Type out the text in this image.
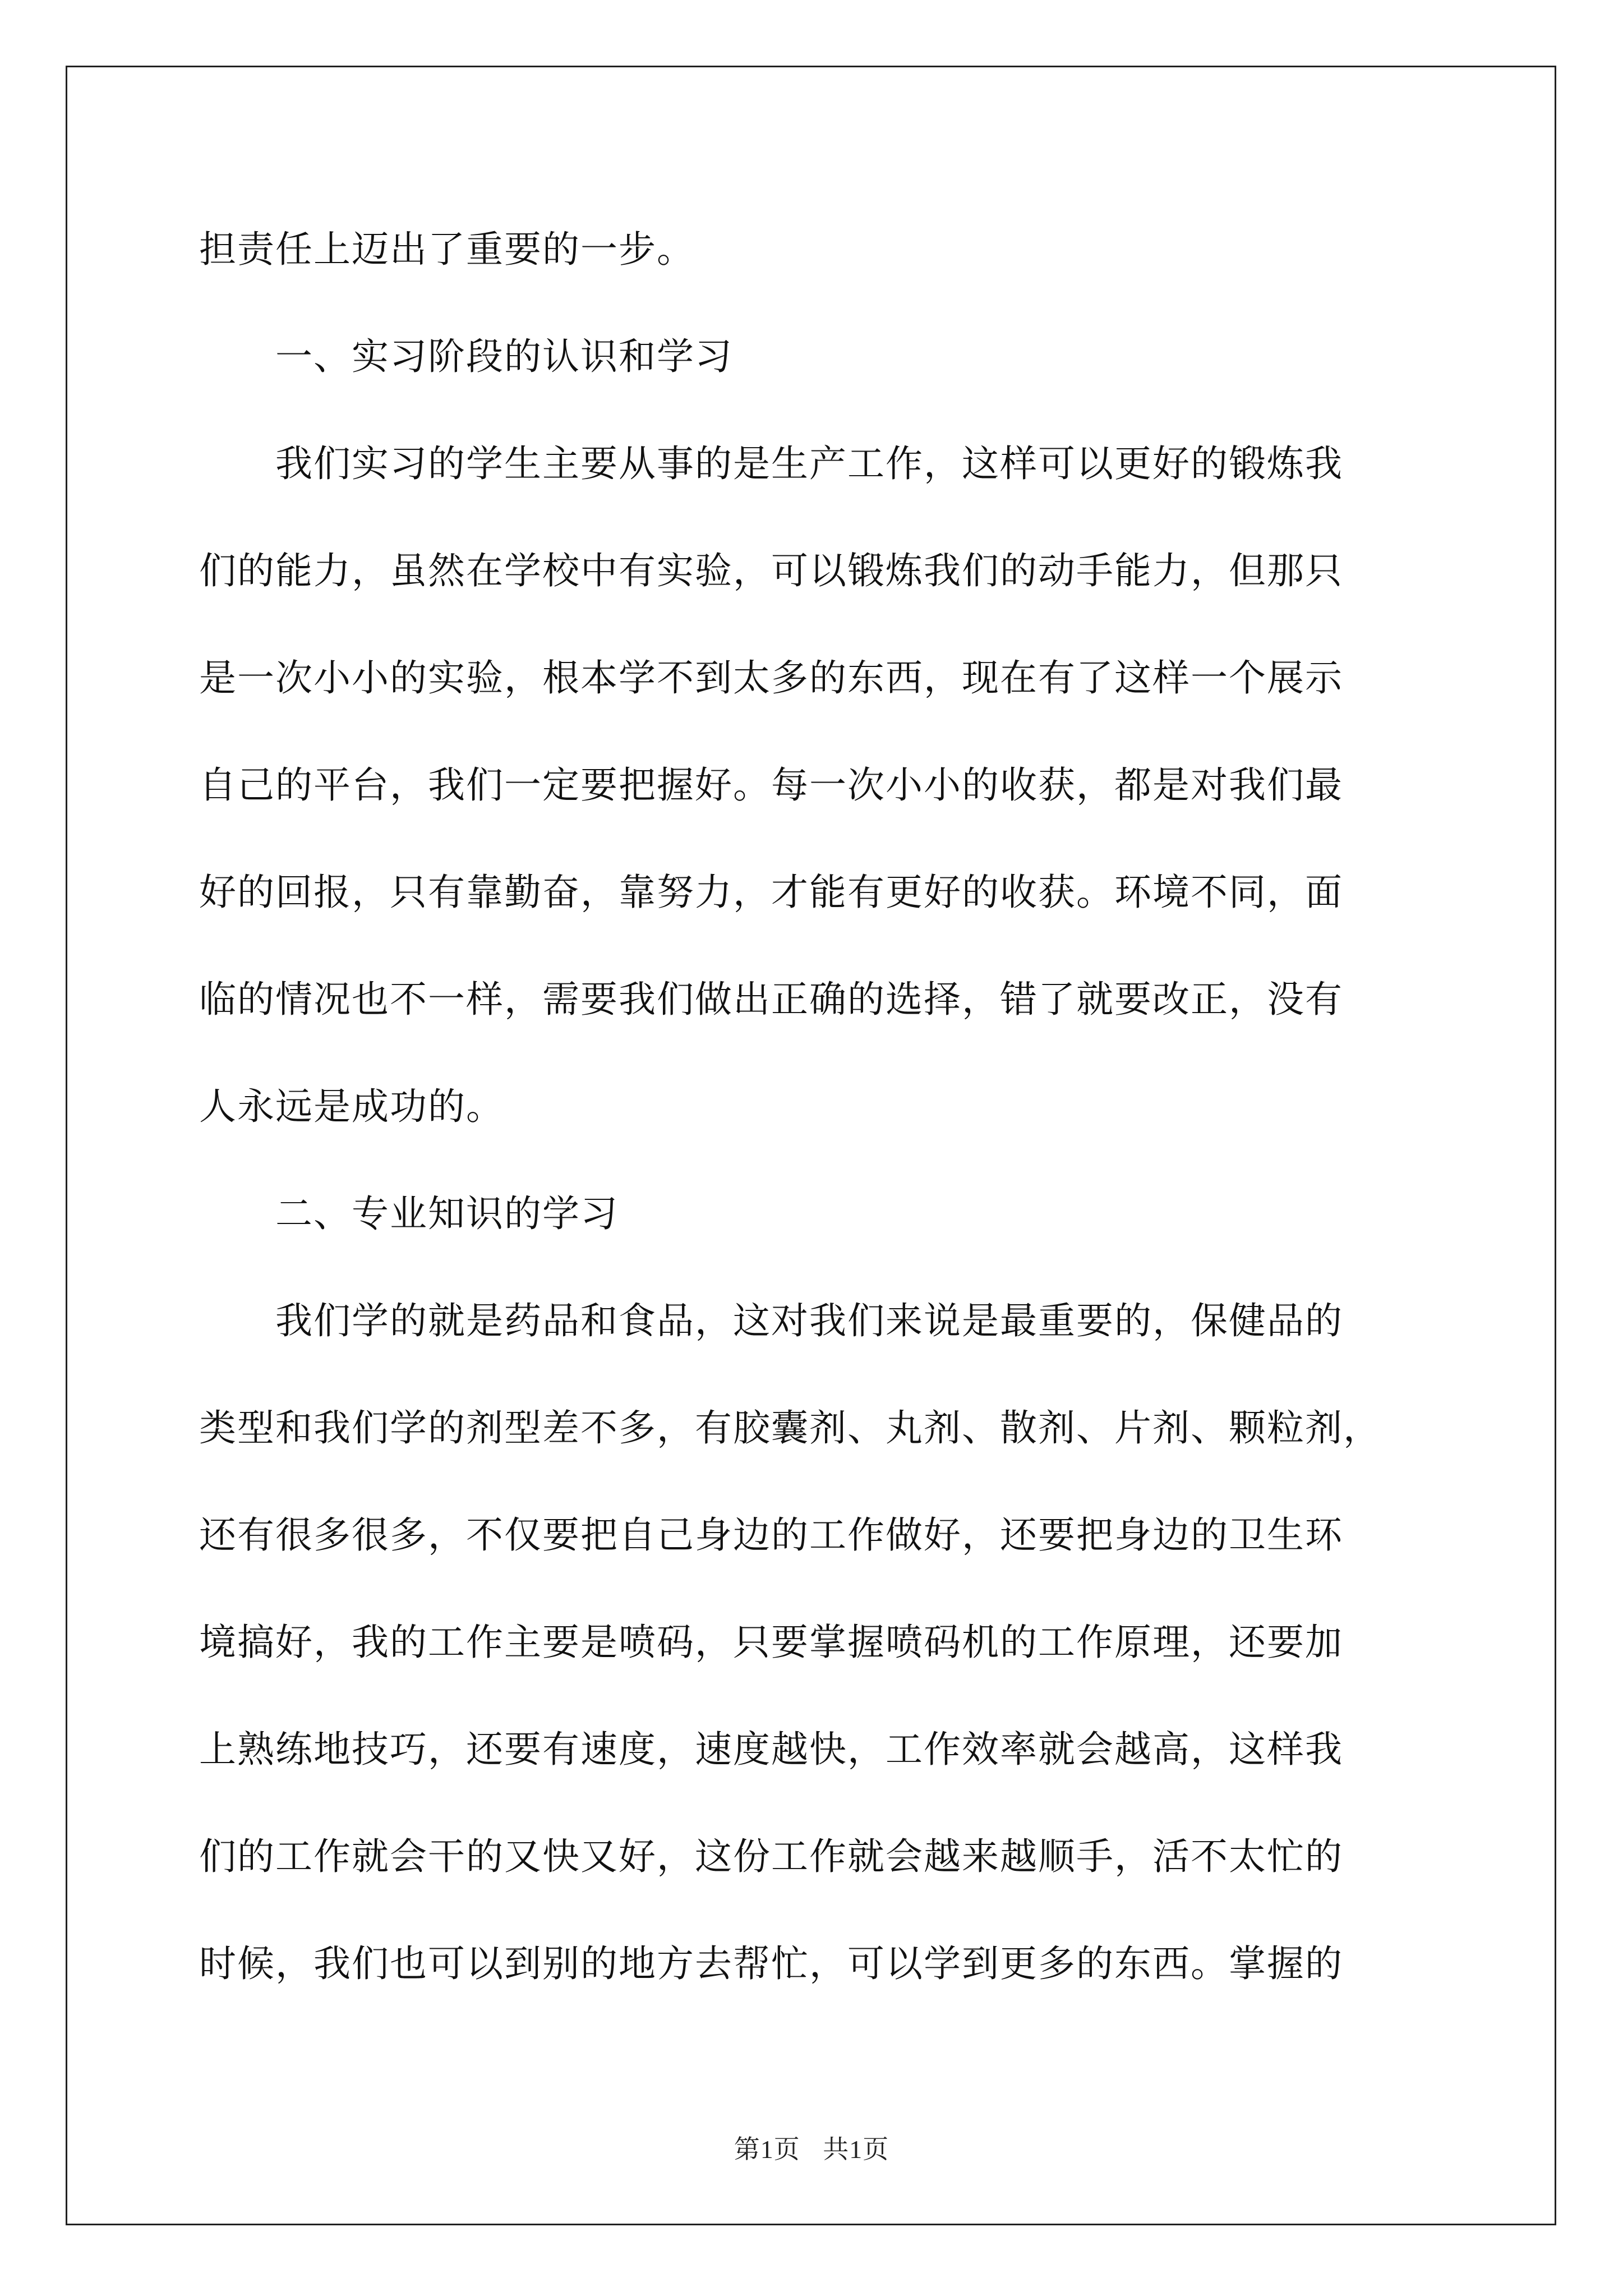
担责任上迈出了重要的一步。
　　一、实习阶段的认识和学习
　　我们实习的学生主要从事的是生产工作，这样可以更好的锻炼我
们的能力，虽然在学校中有实验，可以锻炼我们的动手能力，但那只
是一次小小的实验，根本学不到太多的东西，现在有了这样一个展示
自己的平台，我们一定要把握好。每一次小小的收获，都是对我们最
好的回报，只有靠勤奋，靠努力，才能有更好的收获。环境不同，面
临的情况也不一样，需要我们做出正确的选择，错了就要改正，没有
人永远是成功的。
　　二、专业知识的学习
　　我们学的就是药品和食品，这对我们来说是最重要的，保健品的
类型和我们学的剂型差不多，有胶囊剂、丸剂、散剂、片剂、颗粒剂，
还有很多很多，不仅要把自己身边的工作做好，还要把身边的卫生环
境搞好，我的工作主要是喷码，只要掌握喷码机的工作原理，还要加
上熟练地技巧，还要有速度，速度越快，工作效率就会越高，这样我
们的工作就会干的又快又好，这份工作就会越来越顺手，活不太忙的
时候，我们也可以到别的地方去帮忙，可以学到更多的东西。掌握的
第1页 共1页
